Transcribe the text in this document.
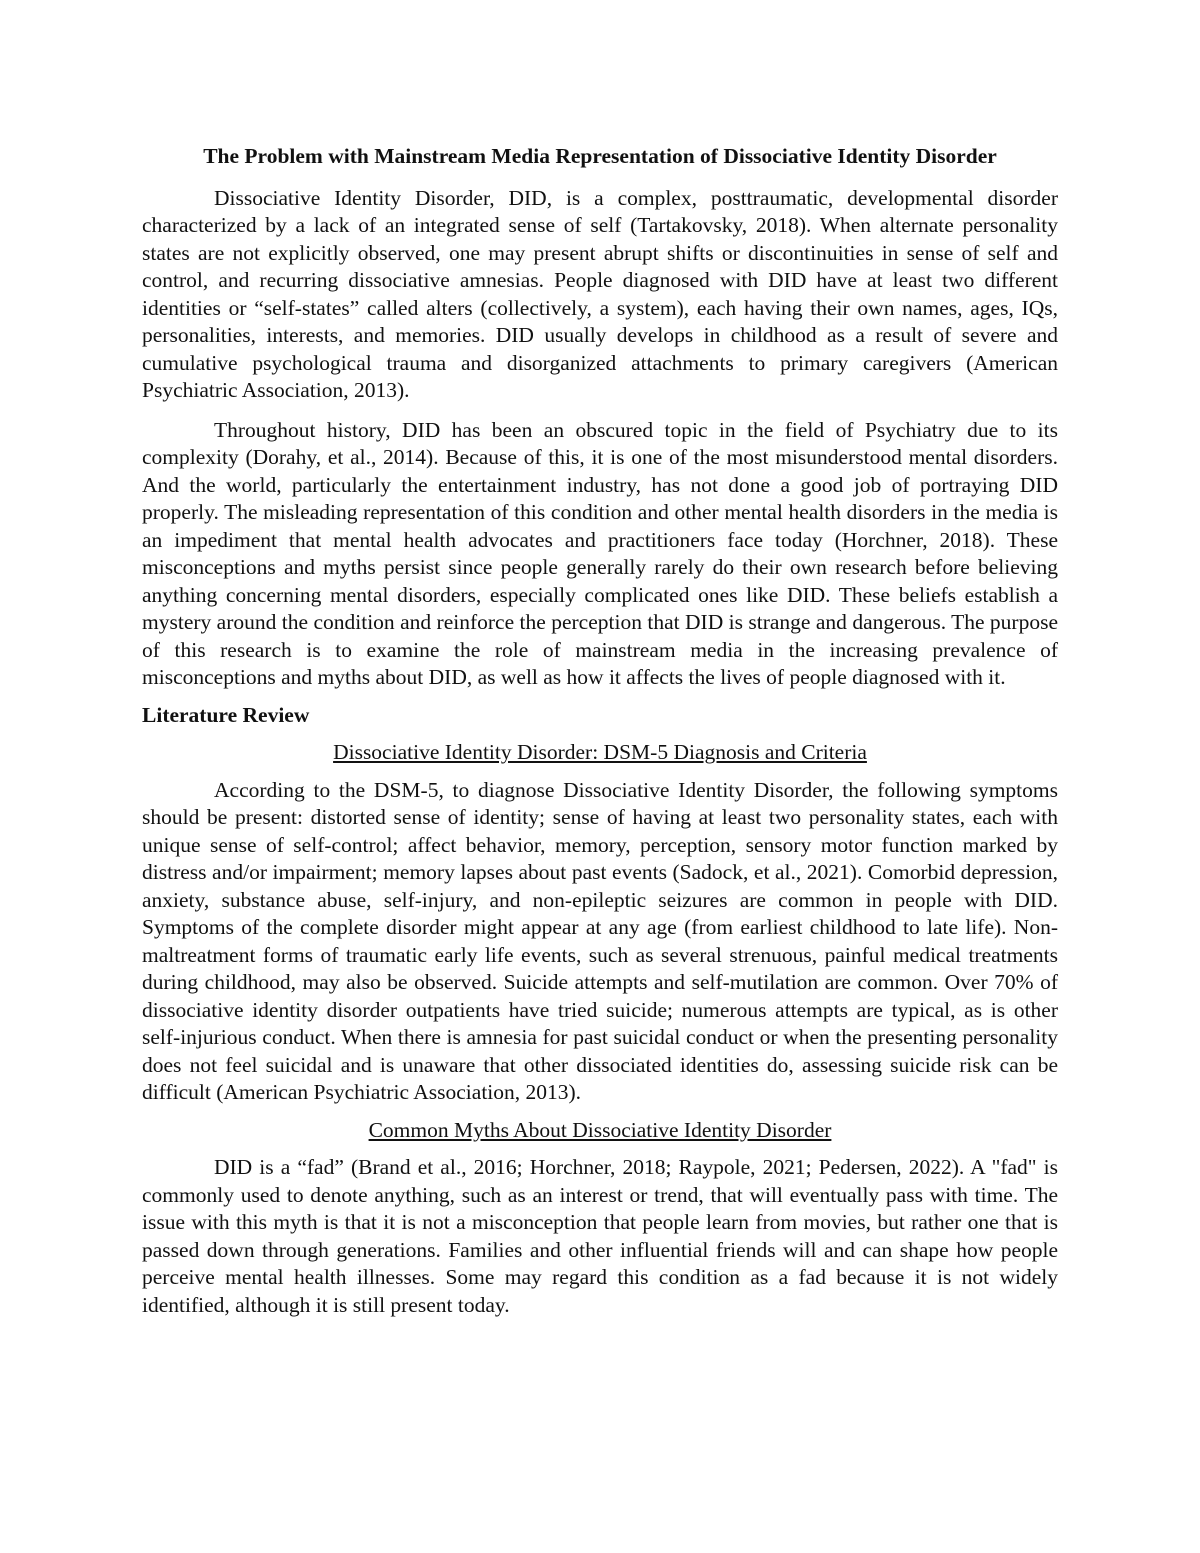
The Problem with Mainstream Media Representation of Dissociative Identity Disorder

Dissociative Identity Disorder, DID, is a complex, posttraumatic, developmental disorder characterized by a lack of an integrated sense of self (Tartakovsky, 2018). When alternate personality states are not explicitly observed, one may present abrupt shifts or discontinuities in sense of self and control, and recurring dissociative amnesias. People diagnosed with DID have at least two different identities or “self-states” called alters (collectively, a system), each having their own names, ages, IQs, personalities, interests, and memories. DID usually develops in childhood as a result of severe and cumulative psychological trauma and disorganized attachments to primary caregivers (American Psychiatric Association, 2013).

Throughout history, DID has been an obscured topic in the field of Psychiatry due to its complexity (Dorahy, et al., 2014). Because of this, it is one of the most misunderstood mental disorders. And the world, particularly the entertainment industry, has not done a good job of portraying DID properly. The misleading representation of this condition and other mental health disorders in the media is an impediment that mental health advocates and practitioners face today (Horchner, 2018). These misconceptions and myths persist since people generally rarely do their own research before believing anything concerning mental disorders, especially complicated ones like DID. These beliefs establish a mystery around the condition and reinforce the perception that DID is strange and dangerous. The purpose of this research is to examine the role of mainstream media in the increasing prevalence of misconceptions and myths about DID, as well as how it affects the lives of people diagnosed with it.

Literature Review
Dissociative Identity Disorder: DSM-5 Diagnosis and Criteria

According to the DSM-5, to diagnose Dissociative Identity Disorder, the following symptoms should be present: distorted sense of identity; sense of having at least two personality states, each with unique sense of self-control; affect behavior, memory, perception, sensory motor function marked by distress and/or impairment; memory lapses about past events (Sadock, et al., 2021). Comorbid depression, anxiety, substance abuse, self-injury, and non-epileptic seizures are common in people with DID. Symptoms of the complete disorder might appear at any age (from earliest childhood to late life). Non-maltreatment forms of traumatic early life events, such as several strenuous, painful medical treatments during childhood, may also be observed. Suicide attempts and self-mutilation are common. Over 70% of dissociative identity disorder outpatients have tried suicide; numerous attempts are typical, as is other self-injurious conduct. When there is amnesia for past suicidal conduct or when the presenting personality does not feel suicidal and is unaware that other dissociated identities do, assessing suicide risk can be difficult (American Psychiatric Association, 2013).

Common Myths About Dissociative Identity Disorder

DID is a “fad” (Brand et al., 2016; Horchner, 2018; Raypole, 2021; Pedersen, 2022). A "fad" is commonly used to denote anything, such as an interest or trend, that will eventually pass with time. The issue with this myth is that it is not a misconception that people learn from movies, but rather one that is passed down through generations. Families and other influential friends will and can shape how people perceive mental health illnesses. Some may regard this condition as a fad because it is not widely identified, although it is still present today.
